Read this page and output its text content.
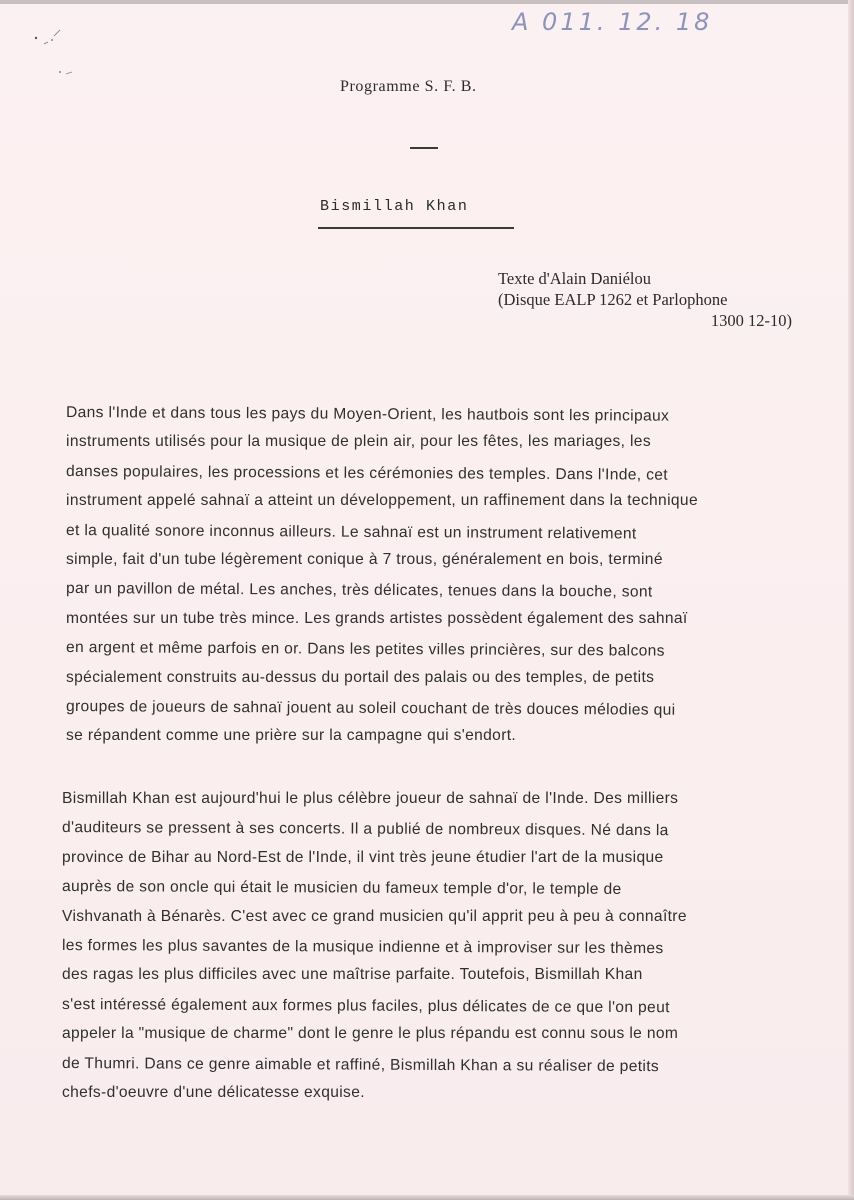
A 011. 12. 18
Programme S. F. B.
Bismillah Khan
Texte d'Alain Daniélou
(Disque EALP 1262 et Parlophone
1300 12-10)
Dans l'Inde et dans tous les pays du Moyen-Orient, les hautbois sont les principaux
instruments utilisés pour la musique de plein air, pour les fêtes, les mariages, les
danses populaires, les processions et les cérémonies des temples. Dans l'Inde, cet
instrument appelé sahnaï a atteint un développement, un raffinement dans la technique
et la qualité sonore inconnus ailleurs. Le sahnaï est un instrument relativement
simple, fait d'un tube légèrement conique à 7 trous, généralement en bois, terminé
par un pavillon de métal. Les anches, très délicates, tenues dans la bouche, sont
montées sur un tube très mince. Les grands artistes possèdent également des sahnaï
en argent et même parfois en or. Dans les petites villes princières, sur des balcons
spécialement construits au-dessus du portail des palais ou des temples, de petits
groupes de joueurs de sahnaï jouent au soleil couchant de très douces mélodies qui
se répandent comme une prière sur la campagne qui s'endort.
Bismillah Khan est aujourd'hui le plus célèbre joueur de sahnaï de l'Inde. Des milliers
d'auditeurs se pressent à ses concerts. Il a publié de nombreux disques. Né dans la
province de Bihar au Nord-Est de l'Inde, il vint très jeune étudier l'art de la musique
auprès de son oncle qui était le musicien du fameux temple d'or, le temple de
Vishvanath à Bénarès. C'est avec ce grand musicien qu'il apprit peu à peu à connaître
les formes les plus savantes de la musique indienne et à improviser sur les thèmes
des ragas les plus difficiles avec une maîtrise parfaite. Toutefois, Bismillah Khan
s'est intéressé également aux formes plus faciles, plus délicates de ce que l'on peut
appeler la "musique de charme" dont le genre le plus répandu est connu sous le nom
de Thumri. Dans ce genre aimable et raffiné, Bismillah Khan a su réaliser de petits
chefs-d'oeuvre d'une délicatesse exquise.
